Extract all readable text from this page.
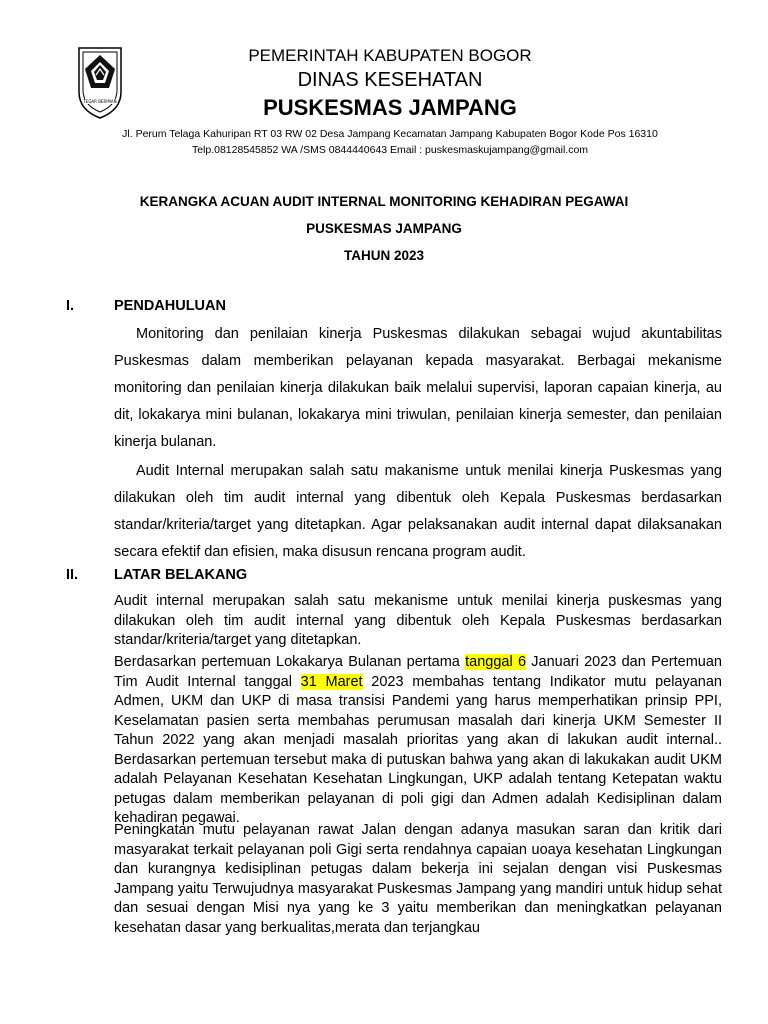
TEGAR BERIMAN
PEMERINTAH KABUPATEN BOGOR
DINAS KESEHATAN
PUSKESMAS JAMPANG
Jl. Perum Telaga Kahuripan RT 03 RW 02 Desa Jampang Kecamatan Jampang Kabupaten Bogor Kode Pos 16310
Telp.08128545852 WA /SMS 0844440643 Email : puskesmaskujampang@gmail.com
KERANGKA ACUAN AUDIT INTERNAL MONITORING KEHADIRAN PEGAWAI
PUSKESMAS JAMPANG
TAHUN 2023
I.	PENDAHULUAN
Monitoring dan penilaian kinerja Puskesmas dilakukan sebagai wujud akuntabilitas Puskesmas dalam memberikan pelayanan kepada masyarakat. Berbagai mekanisme monitoring dan penilaian kinerja dilakukan baik melalui supervisi, laporan capaian kinerja, au dit, lokakarya mini bulanan, lokakarya mini triwulan, penilaian kinerja semester, dan penilaian kinerja bulanan.
Audit Internal merupakan salah satu makanisme untuk menilai kinerja Puskesmas yang dilakukan oleh tim audit internal yang dibentuk oleh Kepala Puskesmas berdasarkan standar/kriteria/target yang ditetapkan. Agar pelaksanakan audit internal dapat dilaksanakan secara efektif dan efisien, maka disusun rencana program audit.
II. LATAR BELAKANG
Audit internal merupakan salah satu mekanisme untuk menilai kinerja puskesmas yang dilakukan oleh tim audit internal yang dibentuk oleh Kepala Puskesmas berdasarkan standar/kriteria/target yang ditetapkan.
Berdasarkan pertemuan Lokakarya Bulanan pertama tanggal 6 Januari 2023 dan Pertemuan Tim Audit Internal tanggal 31 Maret 2023 membahas tentang Indikator mutu pelayanan Admen, UKM dan UKP di masa transisi Pandemi yang harus memperhatikan prinsip PPI, Keselamatan pasien serta membahas perumusan masalah dari kinerja UKM Semester II Tahun 2022 yang akan menjadi masalah prioritas yang akan di lakukan audit internal.. Berdasarkan pertemuan tersebut maka di putuskan bahwa yang akan di lakukakan audit UKM adalah Pelayanan Kesehatan Kesehatan Lingkungan, UKP adalah tentang Ketepatan waktu petugas dalam memberikan pelayanan di poli gigi dan Admen adalah Kedisiplinan dalam kehadiran pegawai.
Peningkatan mutu pelayanan rawat Jalan dengan adanya masukan saran dan kritik dari masyarakat terkait pelayanan poli Gigi serta rendahnya capaian uoaya kesehatan Lingkungan dan kurangnya kedisiplinan petugas dalam bekerja ini sejalan dengan visi Puskesmas Jampang yaitu Terwujudnya masyarakat Puskesmas Jampang yang mandiri untuk hidup sehat dan sesuai dengan Misi nya yang ke 3 yaitu memberikan dan meningkatkan pelayanan kesehatan dasar yang berkualitas,merata dan terjangkau
